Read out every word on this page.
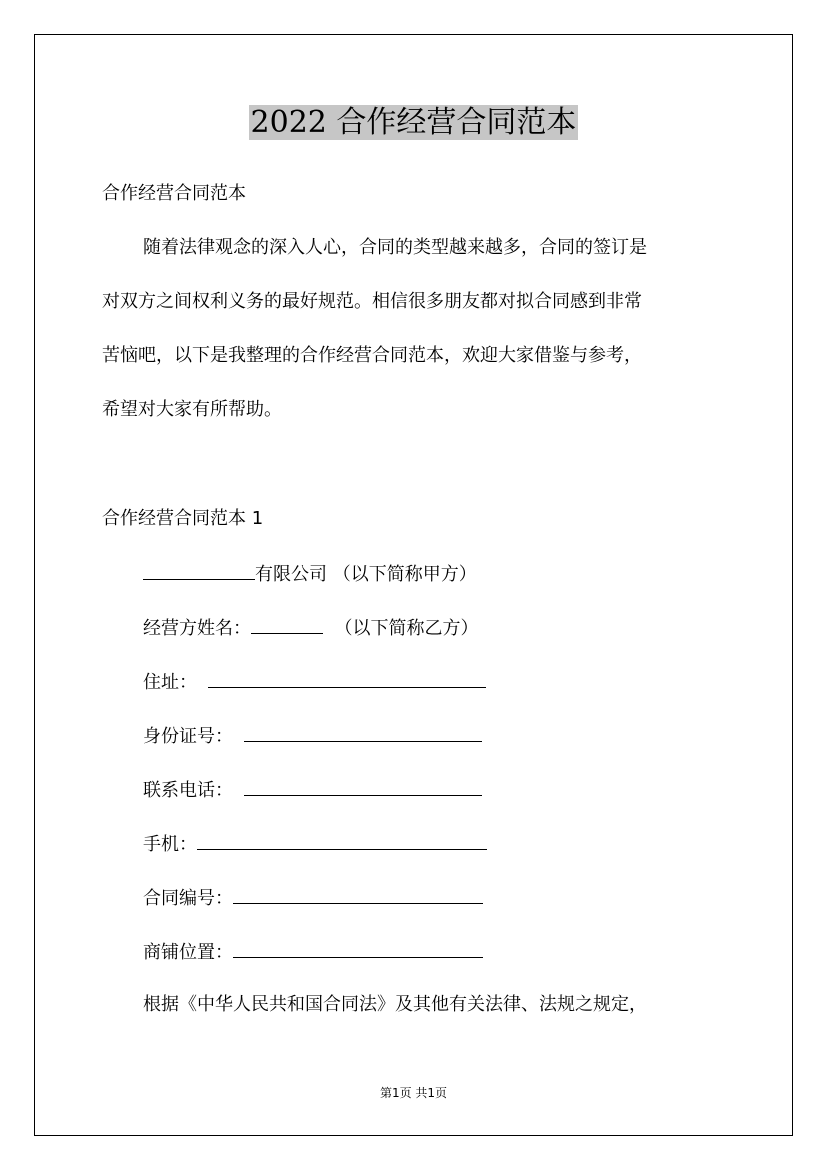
2022 合作经营合同范本
合作经营合同范本
随着法律观念的深入人心，合同的类型越来越多，合同的签订是
对双方之间权利义务的最好规范。相信很多朋友都对拟合同感到非常
苦恼吧，以下是我整理的合作经营合同范本，欢迎大家借鉴与参考，
希望对大家有所帮助。
合作经营合同范本 1
有限公司 （以下简称甲方）
经营方姓名：	（以下简称乙方）
住址：
身份证号：
联系电话：
手机：
合同编号：
商铺位置：
根据《中华人民共和国合同法》及其他有关法律、法规之规定，
第1页 共1页
